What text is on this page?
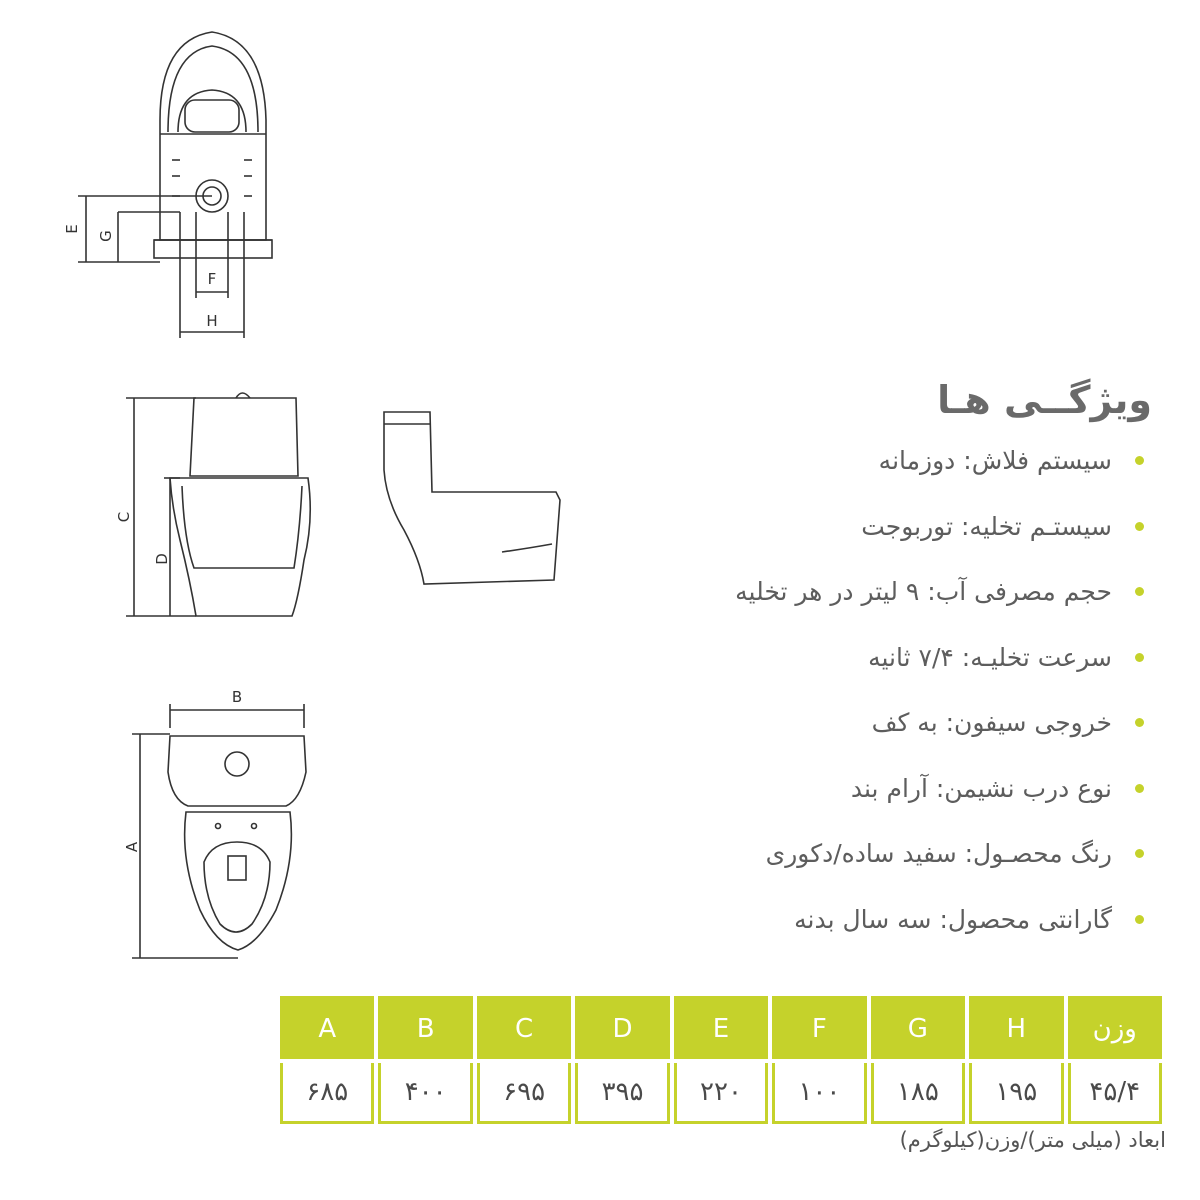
E
G
F
H
C
D
B
A
ویژگــی هـا
سیستم فلاش: دوزمانه
سیستـم تخلیه: توربوجت
حجم مصرفی آب: ۹ لیتر در هر تخلیه
سرعت تخلیـه: ۷/۴ ثانیه
خروجی سیفون: به کف
نوع درب نشیمن: آرام بند
رنگ محصـول: سفید ساده/دکوری
گارانتی محصول: سه سال بدنه
A	B	C	D	E	F	G	H	وزن
۶۸۵	۴۰۰	۶۹۵	۳۹۵	۲۲۰	۱۰۰	۱۸۵	۱۹۵	۴۵/۴
ابعاد (میلی متر)/وزن(کیلوگرم)
